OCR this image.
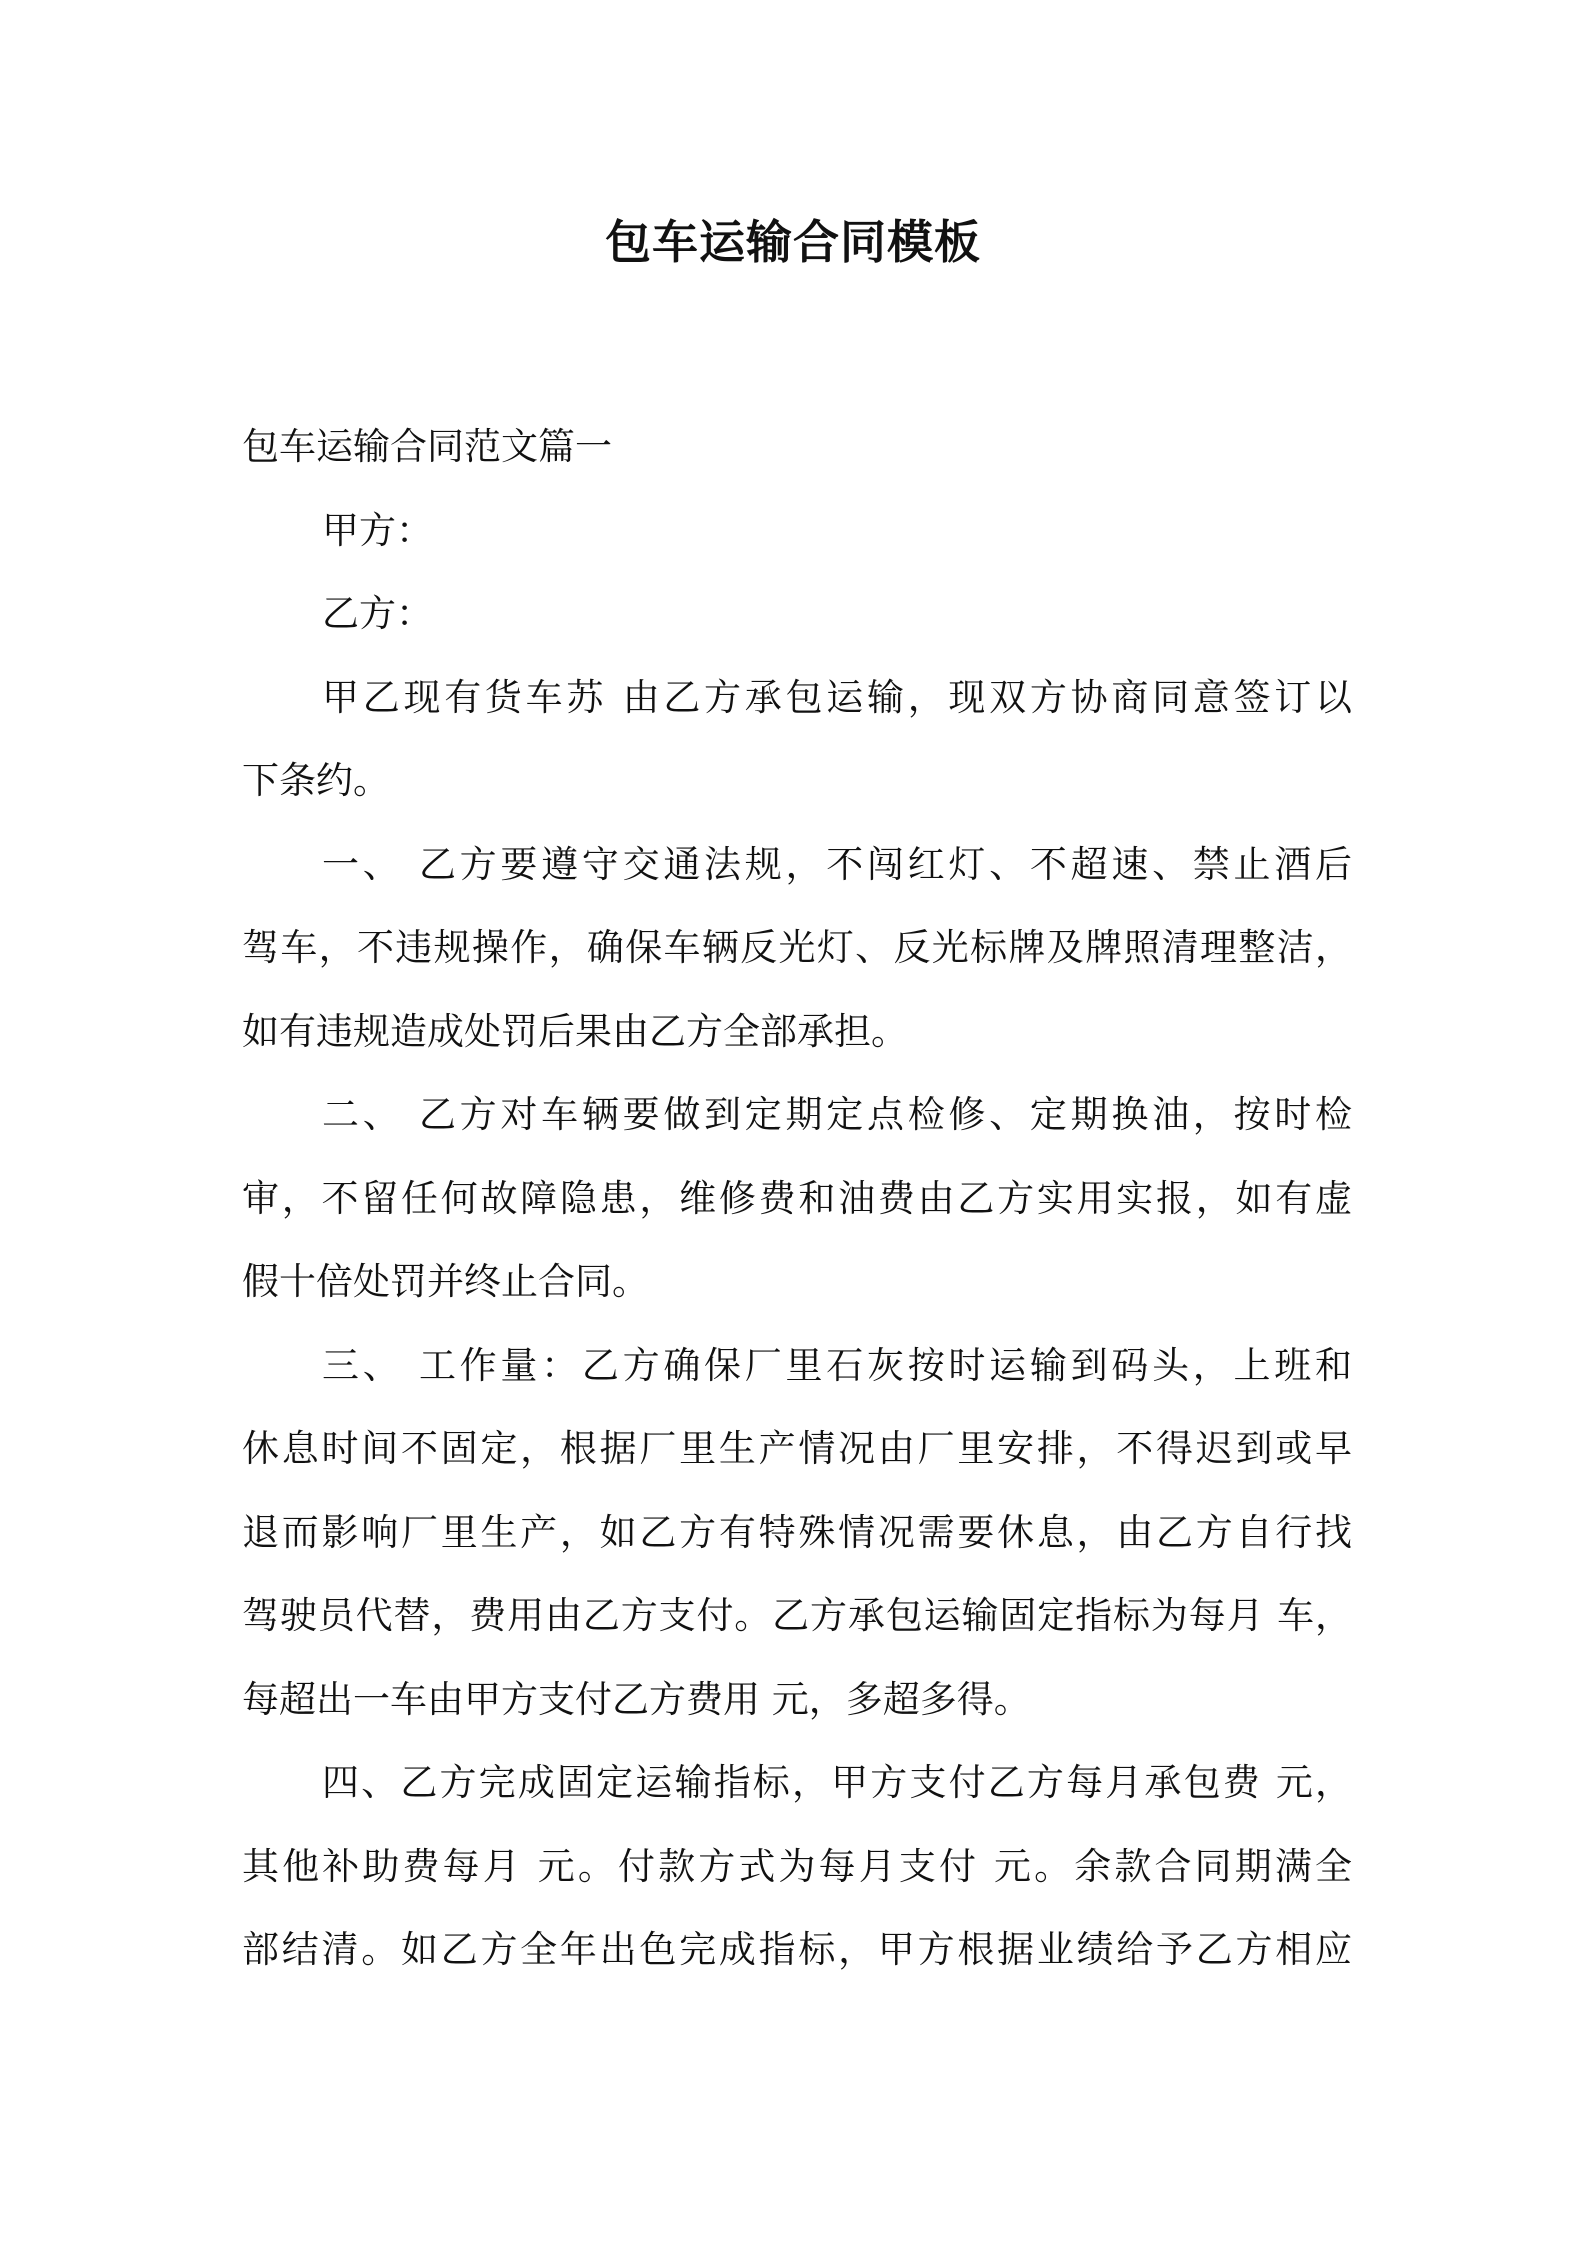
包车运输合同模板
包车运输合同范文篇一

甲方：

乙方：

甲乙现有货车苏 由乙方承包运输，现双方协商同意签订以

下条约。

一、 乙方要遵守交通法规，不闯红灯、不超速、禁止酒后

驾车，不违规操作，确保车辆反光灯、反光标牌及牌照清理整洁，

如有违规造成处罚后果由乙方全部承担。

二、 乙方对车辆要做到定期定点检修、定期换油，按时检

审，不留任何故障隐患，维修费和油费由乙方实用实报，如有虚

假十倍处罚并终止合同。

三、 工作量：乙方确保厂里石灰按时运输到码头，上班和

休息时间不固定，根据厂里生产情况由厂里安排，不得迟到或早

退而影响厂里生产，如乙方有特殊情况需要休息，由乙方自行找

驾驶员代替，费用由乙方支付。乙方承包运输固定指标为每月 车，

每超出一车由甲方支付乙方费用 元，多超多得。

四、乙方完成固定运输指标，甲方支付乙方每月承包费 元，

其他补助费每月 元。付款方式为每月支付 元。余款合同期满全

部结清。如乙方全年出色完成指标，甲方根据业绩给予乙方相应
